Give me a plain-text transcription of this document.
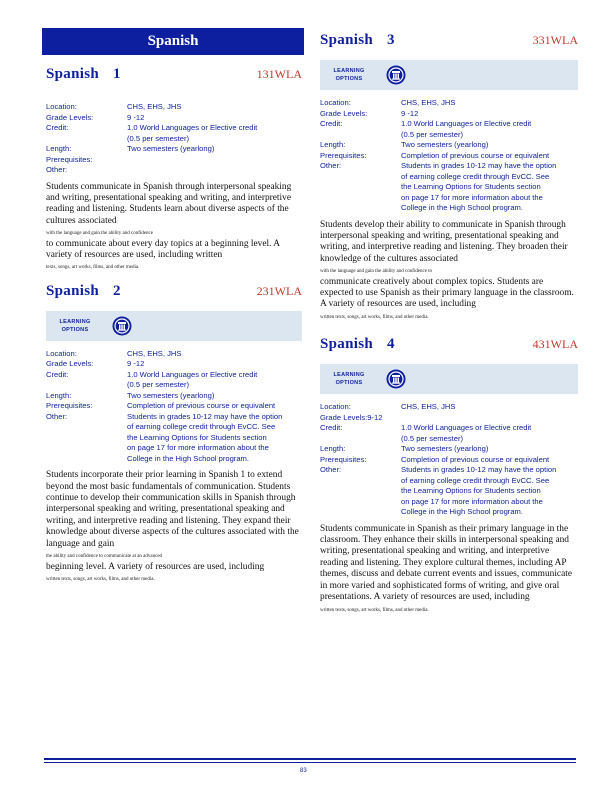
Spanish
Spanish 1	131WLA
Location:	CHS, EHS, JHS
Grade Levels:	9 -12
Credit:	1.0 World Languages or Elective credit
(0.5 per semester)
Length:	Two semesters (yearlong)
Prerequisites:
Other:
Students communicate in Spanish through interpersonal speaking and writing, presentational speaking and writing, and interpretive reading and listening. Students learn about diverse aspects of the cultures associated
with the language and gain the ability and confidence
to communicate about every day topics at a beginning level. A variety of resources are used, including written
texts, songs, art works, films, and other media.
Spanish 2	231WLA
LEARNING OPTIONS
Location:	CHS, EHS, JHS
Grade Levels:	9 -12
Credit:	1.0 World Languages or Elective credit
(0.5 per semester)
Length:	Two semesters (yearlong)
Prerequisites:	Completion of previous course or equivalent
Other:	Students in grades 10-12 may have the option
of earning college credit through EvCC. See
the Learning Options for Students section
on page 17 for more information about the
College in the High School program.
Students incorporate their prior learning in Spanish 1 to extend beyond the most basic fundamentals of communication. Students continue to develop their communication skills in Spanish through interpersonal speaking and writing, presentational speaking and writing, and interpretive reading and listening. They expand their knowledge about diverse aspects of the cultures associated with the language and gain
the ability and confidence to communicate at an advanced
beginning level. A variety of resources are used, including
written texts, songs, art works, films, and other media.
Spanish 3	331WLA
LEARNING OPTIONS
Location:	CHS, EHS, JHS
Grade Levels:	9 -12
Credit:	1.0 World Languages or Elective credit
(0.5 per semester)
Length:	Two semesters (yearlong)
Prerequisites:	Completion of previous course or equivalent
Other:	Students in grades 10-12 may have the option
of earning college credit through EvCC. See
the Learning Options for Students section
on page 17 for more information about the
College in the High School program.
Students develop their ability to communicate in Spanish through interpersonal speaking and writing, presentational speaking and writing, and interpretive reading and listening. They broaden their knowledge of the cultures associated
with the language and gain the ability and confidence to
communicate creatively about complex topics. Students are expected to use Spanish as their primary language in the classroom. A variety of resources are used, including
written texts, songs, art works, films, and other media.
Spanish 4	431WLA
LEARNING OPTIONS
Location:	CHS, EHS, JHS
Grade Levels:9-12
Credit:	1.0 World Languages or Elective credit
(0.5 per semester)
Length:	Two semesters (yearlong)
Prerequisites:	Completion of previous course or equivalent
Other:	Students in grades 10-12 may have the option
of earning college credit through EvCC. See
the Learning Options for Students section
on page 17 for more information about the
College in the High School program.
Students communicate in Spanish as their primary language in the classroom. They enhance their skills in interpersonal speaking and writing, presentational speaking and writing, and interpretive reading and listening. They explore cultural themes, including AP themes, discuss and debate current events and issues, communicate in more varied and sophisticated forms of writing, and give oral presentations. A variety of resources are used, including
written texts, songs, art works, films, and other media.
83
